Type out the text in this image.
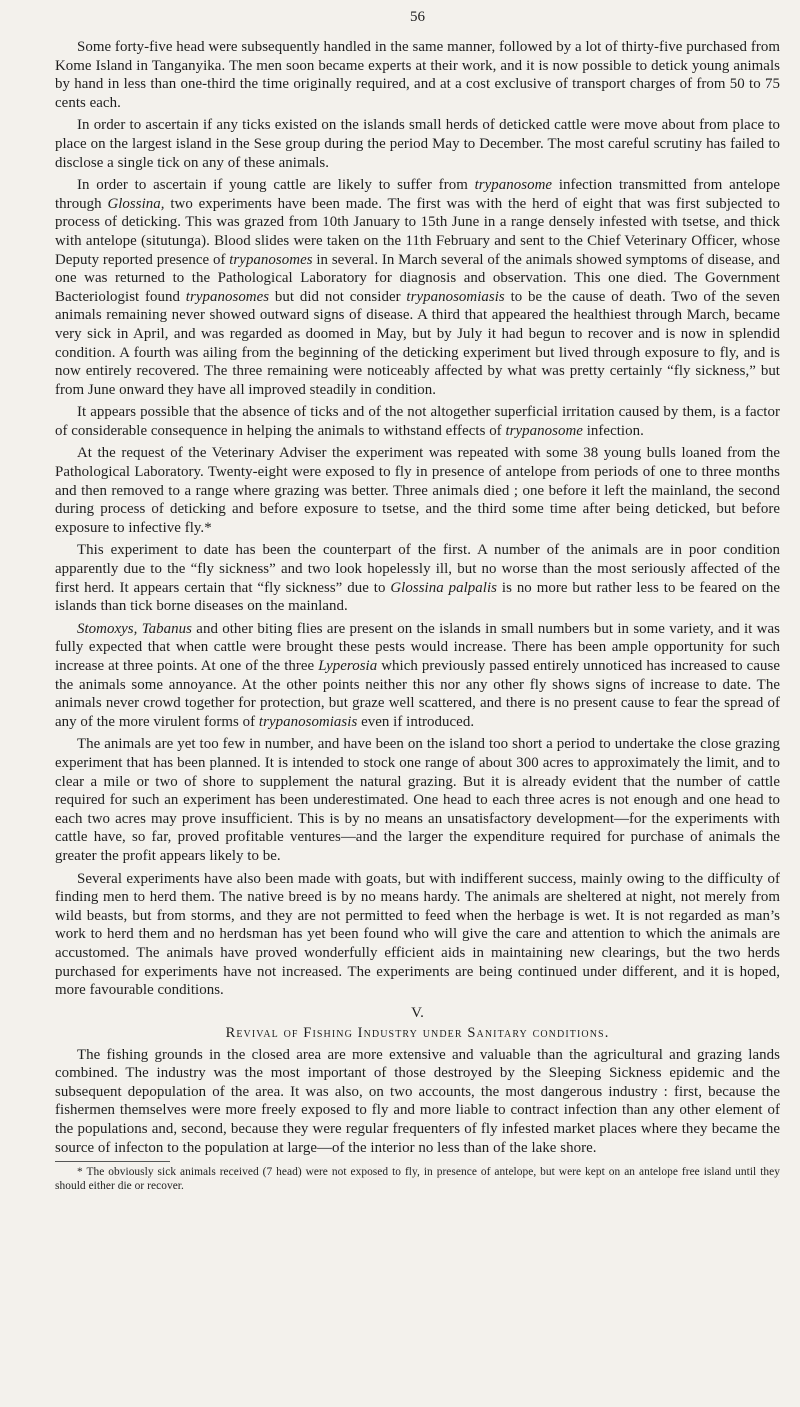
56

Some forty-five head were subsequently handled in the same manner, followed by a lot of thirty-five purchased from Kome Island in Tanganyika. The men soon became experts at their work, and it is now possible to detick young animals by hand in less than one-third the time originally required, and at a cost exclusive of transport charges of from 50 to 75 cents each.

In order to ascertain if any ticks existed on the islands small herds of deticked cattle were move about from place to place on the largest island in the Sese group during the period May to December. The most careful scrutiny has failed to disclose a single tick on any of these animals.

In order to ascertain if young cattle are likely to suffer from trypanosome infection transmitted from antelope through Glossina, two experiments have been made. The first was with the herd of eight that was first subjected to process of deticking. This was grazed from 10th January to 15th June in a range densely infested with tsetse, and thick with antelope (situtunga). Blood slides were taken on the 11th February and sent to the Chief Veterinary Officer, whose Deputy reported presence of trypanosomes in several. In March several of the animals showed symptoms of disease, and one was returned to the Pathological Laboratory for diagnosis and observation. This one died. The Government Bacteriologist found trypanosomes but did not consider trypanosomiasis to be the cause of death. Two of the seven animals remaining never showed outward signs of disease. A third that appeared the healthiest through March, became very sick in April, and was regarded as doomed in May, but by July it had begun to recover and is now in splendid condition. A fourth was ailing from the beginning of the deticking experiment but lived through exposure to fly, and is now entirely recovered. The three remaining were noticeably affected by what was pretty certainly “fly sickness,” but from June onward they have all improved steadily in condition.

It appears possible that the absence of ticks and of the not altogether superficial irritation caused by them, is a factor of considerable consequence in helping the animals to withstand effects of trypanosome infection.

At the request of the Veterinary Adviser the experiment was repeated with some 38 young bulls loaned from the Pathological Laboratory. Twenty-eight were exposed to fly in presence of antelope from periods of one to three months and then removed to a range where grazing was better. Three animals died ; one before it left the mainland, the second during process of deticking and before exposure to tsetse, and the third some time after being deticked, but before exposure to infective fly.*

This experiment to date has been the counterpart of the first. A number of the animals are in poor condition apparently due to the “fly sickness” and two look hopelessly ill, but no worse than the most seriously affected of the first herd. It appears certain that “fly sickness” due to Glossina palpalis is no more but rather less to be feared on the islands than tick borne diseases on the mainland.

Stomoxys, Tabanus and other biting flies are present on the islands in small numbers but in some variety, and it was fully expected that when cattle were brought these pests would increase. There has been ample opportunity for such increase at three points. At one of the three Lyperosia which previously passed entirely unnoticed has increased to cause the animals some annoyance. At the other points neither this nor any other fly shows signs of increase to date. The animals never crowd together for protection, but graze well scattered, and there is no present cause to fear the spread of any of the more virulent forms of trypanosomiasis even if introduced.

The animals are yet too few in number, and have been on the island too short a period to undertake the close grazing experiment that has been planned. It is intended to stock one range of about 300 acres to approximately the limit, and to clear a mile or two of shore to supplement the natural grazing. But it is already evident that the number of cattle required for such an experiment has been underestimated. One head to each three acres is not enough and one head to each two acres may prove insufficient. This is by no means an unsatisfactory development—for the experiments with cattle have, so far, proved profitable ventures—and the larger the expenditure required for purchase of animals the greater the profit appears likely to be.

Several experiments have also been made with goats, but with indifferent success, mainly owing to the difficulty of finding men to herd them. The native breed is by no means hardy. The animals are sheltered at night, not merely from wild beasts, but from storms, and they are not permitted to feed when the herbage is wet. It is not regarded as man’s work to herd them and no herdsman has yet been found who will give the care and attention to which the animals are accustomed. The animals have proved wonderfully efficient aids in maintaining new clearings, but the two herds purchased for experiments have not increased. The experiments are being continued under different, and it is hoped, more favourable conditions.

V.
Revival of Fishing Industry under Sanitary conditions.

The fishing grounds in the closed area are more extensive and valuable than the agricultural and grazing lands combined. The industry was the most important of those destroyed by the Sleeping Sickness epidemic and the subsequent depopulation of the area. It was also, on two accounts, the most dangerous industry : first, because the fishermen themselves were more freely exposed to fly and more liable to contract infection than any other element of the populations and, second, because they were regular frequenters of fly infested market places where they became the source of infecton to the population at large—of the interior no less than of the lake shore.

* The obviously sick animals received (7 head) were not exposed to fly, in presence of antelope, but were kept on an antelope free island until they should either die or recover.
